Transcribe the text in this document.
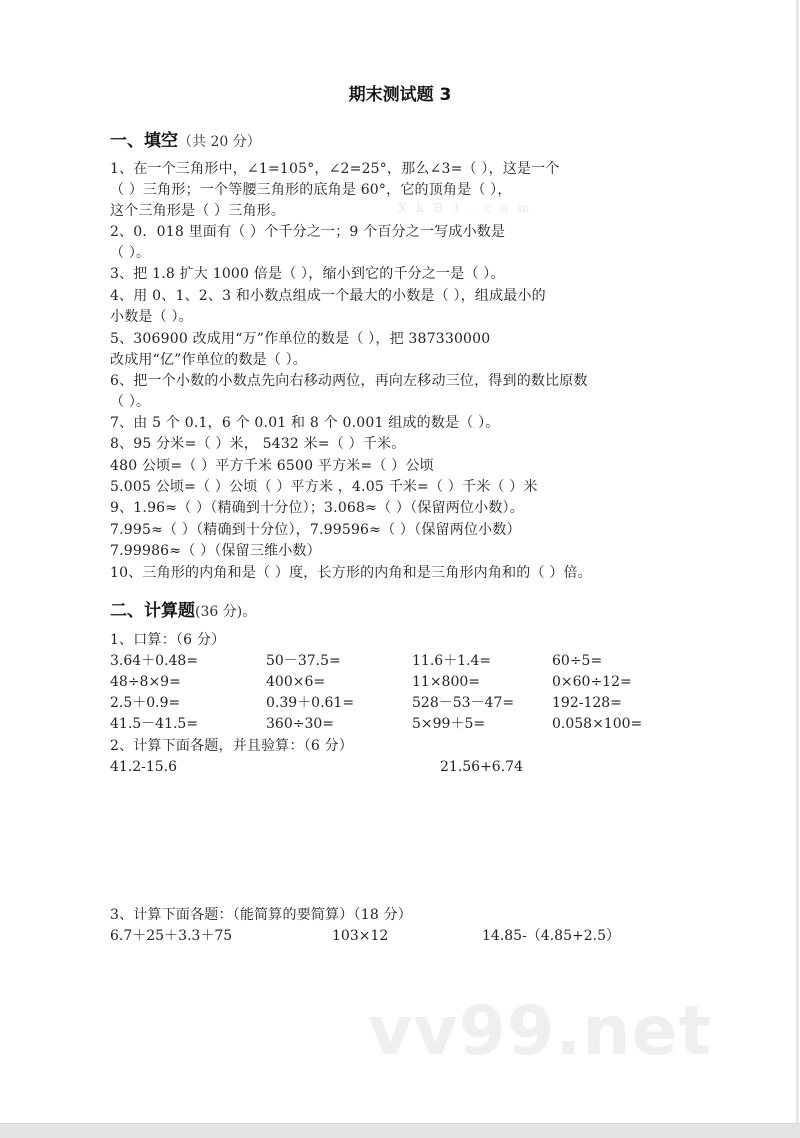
期末测试题 3
一、填空（共 20 分）
1、在一个三角形中，∠1=105°，∠2=25°，那么∠3=（ ），这是一个
（ ）三角形；一个等腰三角形的底角是 60°，它的顶角是（ ），
这个三角形是（ ）三角形。
2、0．018 里面有（ ）个千分之一；9 个百分之一写成小数是
（ ）。
3、把 1.8 扩大 1000 倍是（ ），缩小到它的千分之一是（ ）。
4、用 0、1、2、3 和小数点组成一个最大的小数是（ ），组成最小的
小数是（ ）。
5、306900 改成用“万”作单位的数是（ ），把 387330000
改成用“亿”作单位的数是（ ）。
6、把一个小数的小数点先向右移动两位，再向左移动三位，得到的数比原数
（ ）。
7、由 5 个 0.1，6 个 0.01 和 8 个 0.001 组成的数是（ ）。
8、95 分米=（ ）米， 5432 米=（ ）千米。
480 公顷=（ ）平方千米 6500 平方米=（ ）公顷
5.005 公顷=（ ）公顷（ ）平方米 ，4.05 千米=（ ）千米（ ）米
9、1.96≈（ ）（精确到十分位）；3.068≈（ ）（保留两位小数）。
7.995≈（ ）（精确到十分位），7.99596≈（ ）（保留两位小数）
7.99986≈（ ）（保留三维小数）
10、三角形的内角和是（ ）度，长方形的内角和是三角形内角和的（ ）倍。
二、计算题(36 分)。
1、口算：（6 分）
3.64＋0.48=	50－37.5=	11.6＋1.4=	60÷5=
48÷8×9=	400×6=	11×800=	0×60÷12=
2.5＋0.9=	0.39＋0.61=	528－53－47=	192-128=
41.5－41.5=	360÷30=	5×99＋5=	0.058×100=
2、计算下面各题，并且验算：（6 分）
41.2-15.6	21.56+6.74
3、计算下面各题：（能简算的要简算）（18 分）
6.7＋25＋3.3＋75	103×12	14.85-（4.85+2.5）
XkB1.com
vv99.net
